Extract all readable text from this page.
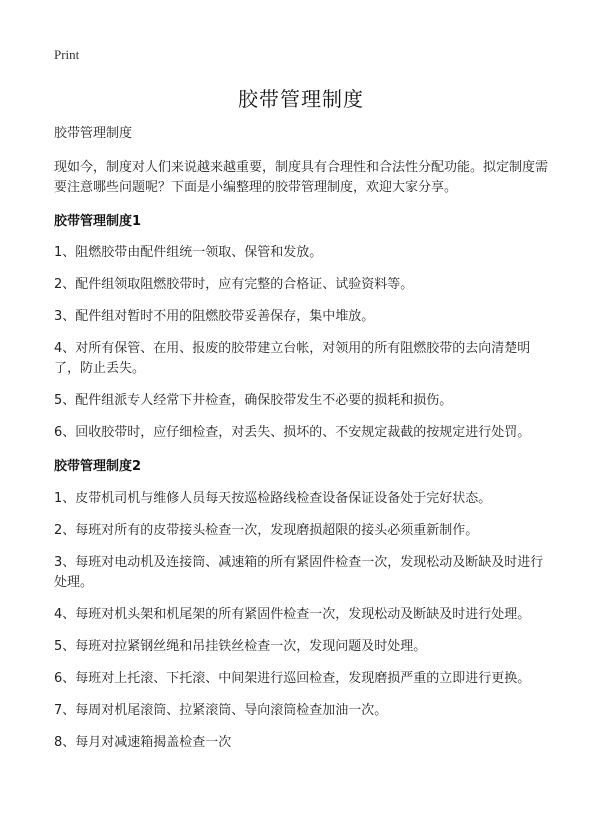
Print
胶带管理制度

胶带管理制度

现如今，制度对人们来说越来越重要，制度具有合理性和合法性分配功能。拟定制度需要注意哪些问题呢？下面是小编整理的胶带管理制度，欢迎大家分享。

胶带管理制度1

1、阻燃胶带由配件组统一领取、保管和发放。

2、配件组领取阻燃胶带时，应有完整的合格证、试验资料等。

3、配件组对暂时不用的阻燃胶带妥善保存，集中堆放。

4、对所有保管、在用、报废的胶带建立台帐，对领用的所有阻燃胶带的去向清楚明了，防止丢失。

5、配件组派专人经常下井检查，确保胶带发生不必要的损耗和损伤。

6、回收胶带时，应仔细检查，对丢失、损坏的、不安规定裁截的按规定进行处罚。

胶带管理制度2

1、皮带机司机与维修人员每天按巡检路线检查设备保证设备处于完好状态。

2、每班对所有的皮带接头检查一次，发现磨损超限的接头必须重新制作。

3、每班对电动机及连接筒、减速箱的所有紧固件检查一次，发现松动及断缺及时进行处理。

4、每班对机头架和机尾架的所有紧固件检查一次，发现松动及断缺及时进行处理。

5、每班对拉紧钢丝绳和吊挂铁丝检查一次，发现问题及时处理。

6、每班对上托滚、下托滚、中间架进行巡回检查，发现磨损严重的立即进行更换。

7、每周对机尾滚筒、拉紧滚筒、导向滚筒检查加油一次。

8、每月对减速箱揭盖检查一次
